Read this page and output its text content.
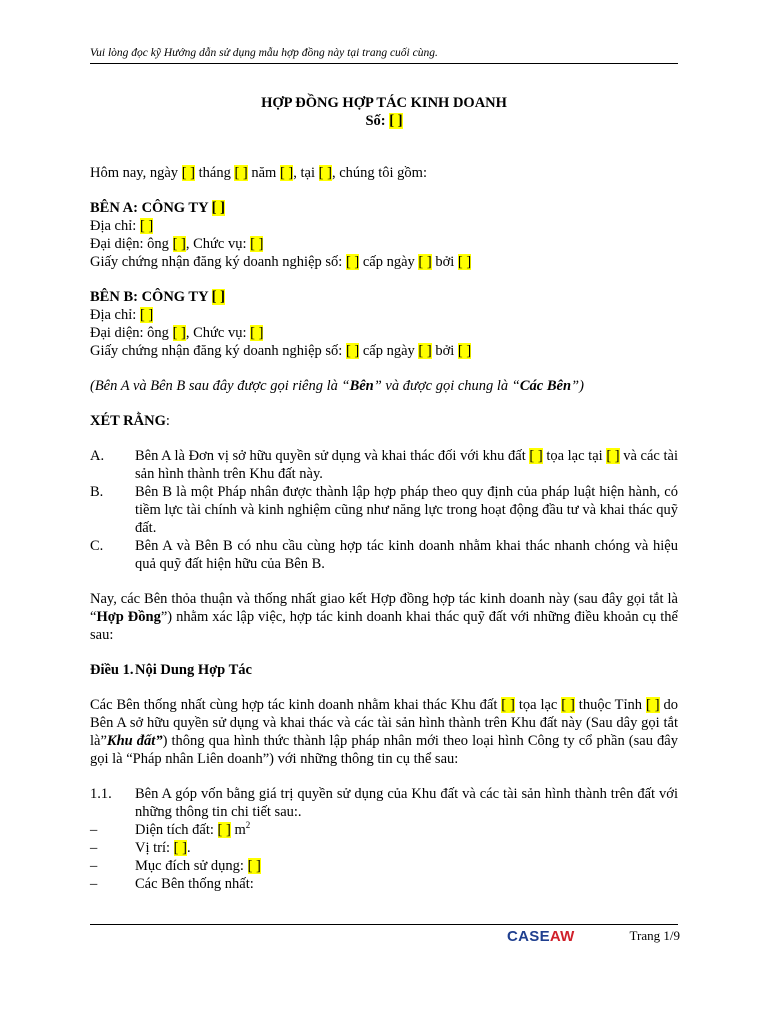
Vui lòng đọc kỹ Hướng dẫn sử dụng mẫu hợp đồng này tại trang cuối cùng.

HỢP ĐỒNG HỢP TÁC KINH DOANH

Số: [ ]

Hôm nay, ngày [ ] tháng [ ] năm [ ], tại [ ], chúng tôi gồm:

BÊN A: CÔNG TY [ ]

Địa chỉ: [ ]

Đại diện: ông [ ], Chức vụ: [ ]

Giấy chứng nhận đăng ký doanh nghiệp số: [ ] cấp ngày [ ] bởi [ ]

BÊN B: CÔNG TY [ ]

Địa chỉ: [ ]

Đại diện: ông [ ], Chức vụ: [ ]

Giấy chứng nhận đăng ký doanh nghiệp số: [ ] cấp ngày [ ] bởi [ ]

(Bên A và Bên B sau đây được gọi riêng là “Bên” và được gọi chung là “Các Bên”)

XÉT RẰNG:

A.	Bên A là Đơn vị sở hữu quyền sử dụng và khai thác đối với khu đất [ ] tọa lạc tại [ ] và các tài sản hình thành trên Khu đất này.
B.	Bên B là một Pháp nhân được thành lập hợp pháp theo quy định của pháp luật hiện hành, có tiềm lực tài chính và kinh nghiệm cũng như năng lực trong hoạt động đầu tư và khai thác quỹ đất.
C.	Bên A và Bên B có nhu cầu cùng hợp tác kinh doanh nhằm khai thác nhanh chóng và hiệu quả quỹ đất hiện hữu của Bên B.

Nay, các Bên thỏa thuận và thống nhất giao kết Hợp đồng hợp tác kinh doanh này (sau đây gọi tắt là “Hợp Đồng”) nhằm xác lập việc, hợp tác kinh doanh khai thác quỹ đất với những điều khoản cụ thể sau:

Điều 1. Nội Dung Hợp Tác

Các Bên thống nhất cùng hợp tác kinh doanh nhằm khai thác Khu đất [ ] tọa lạc [ ] thuộc Tỉnh [ ] do Bên A sở hữu quyền sử dụng và khai thác và các tài sản hình thành trên Khu đất này (Sau dây gọi tắt là”Khu đất”) thông qua hình thức thành lập pháp nhân mới theo loại hình Công ty cổ phần (sau đây gọi là “Pháp nhân Liên doanh”) với những thông tin cụ thể sau:

1.1.	Bên A góp vốn bằng giá trị quyền sử dụng của Khu đất và các tài sản hình thành trên đất với những thông tin chi tiết sau:.
–	Diện tích đất: [ ] $m^2$
–	Vị trí: [ ].
–	Mục đích sử dụng: [ ]
–	Các Bên thống nhất:
CASEAW	Trang 1/9
